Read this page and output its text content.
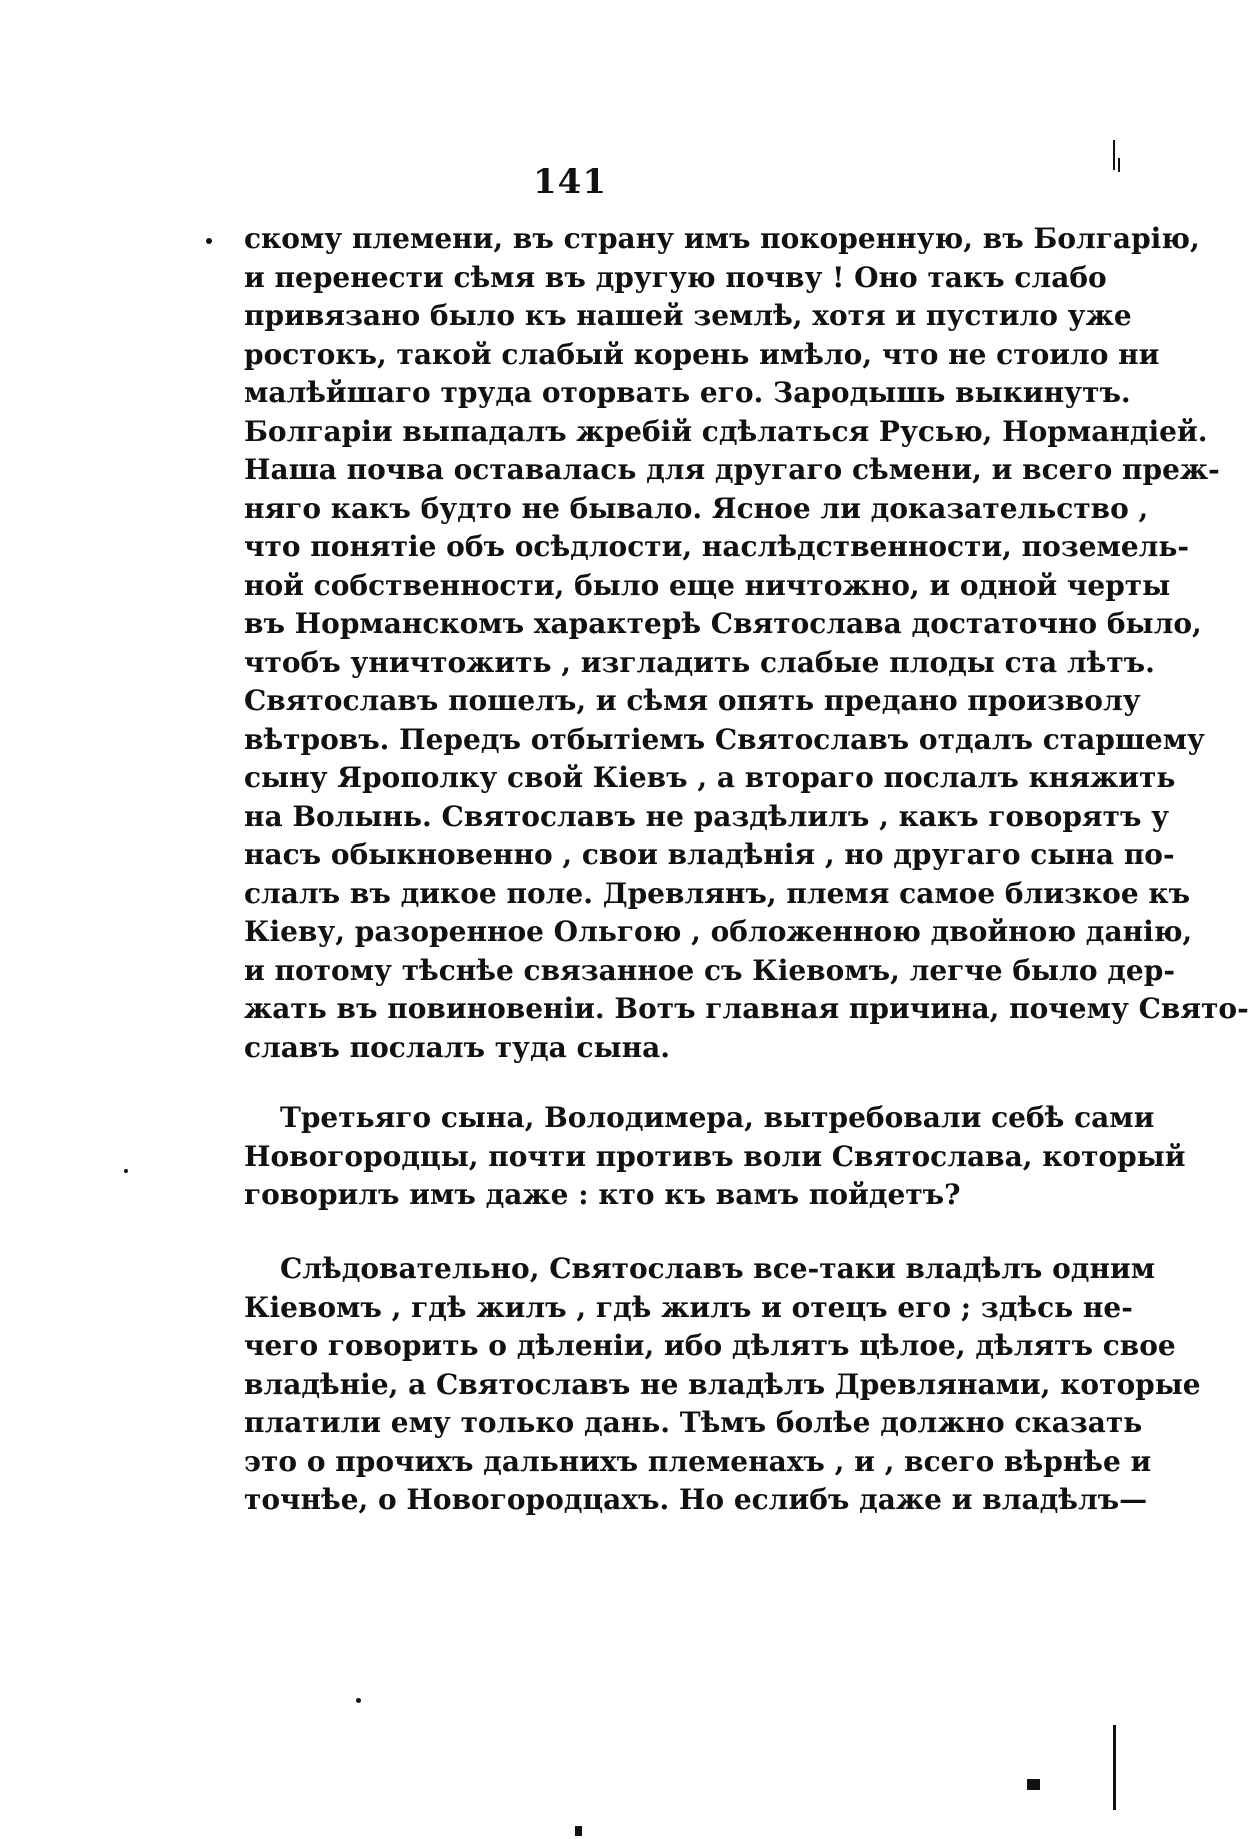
141
скому племени, въ страну имъ покоренную, въ Болгарію,
и перенести сѣмя въ другую почву ! Оно такъ слабо
привязано было къ нашей землѣ, хотя и пустило уже
ростокъ, такой слабый корень имѣло, что не стоило ни
малѣйшаго труда оторвать его. Зародышь выкинутъ.
Болгаріи выпадалъ жребій сдѣлаться Русью, Нормандiей.
Наша почва оставалась для другаго сѣмени, и всего преж-
няго какъ будто не бывало. Ясное ли доказательство ,
что понятіе объ осѣдлости, наслѣдственности, поземель-
ной собственности, было еще ничтожно, и одной черты
въ Норманскомъ характерѣ Святослава достаточно было,
чтобъ уничтожить , изгладить слабые плоды ста лѣтъ.
Святославъ пошелъ, и сѣмя опять предано произволу
вѣтровъ. Передъ отбытіемъ Святославъ отдалъ старшему
сыну Ярополку свой Кіевъ , а втораго послалъ княжить
на Волынь. Святославъ не раздѣлилъ , какъ говорятъ у
насъ обыкновенно , свои владѣнія , но другаго сына по-
слалъ въ дикое поле. Древлянъ, племя самое близкое къ
Кіеву, разоренное Ольгою , обложенною двойною данію,
и потому тѣснѣе связанное съ Кіевомъ, легче было дер-
жать въ повиновеніи. Вотъ главная причина, почему Свято-
славъ послалъ туда сына.
Третьяго сына, Володимера, вытребовали себѣ сами
Новогородцы, почти противъ воли Святослава, который
говорилъ имъ даже : кто къ вамъ пойдетъ?
Слѣдовательно, Святославъ все-таки владѣлъ одним
Кіевомъ , гдѣ жилъ , гдѣ жилъ и отецъ его ; здѣсь не-
чего говорить о дѣленіи, ибо дѣлятъ цѣлое, дѣлятъ свое
владѣніе, а Святославъ не владѣлъ Древлянами, которые
платили ему только дань. Тѣмъ болѣе должно сказать
это о прочихъ дальнихъ племенахъ , и , всего вѣрнѣе и
точнѣе, о Новогородцахъ. Но еслибъ даже и владѣлъ—
